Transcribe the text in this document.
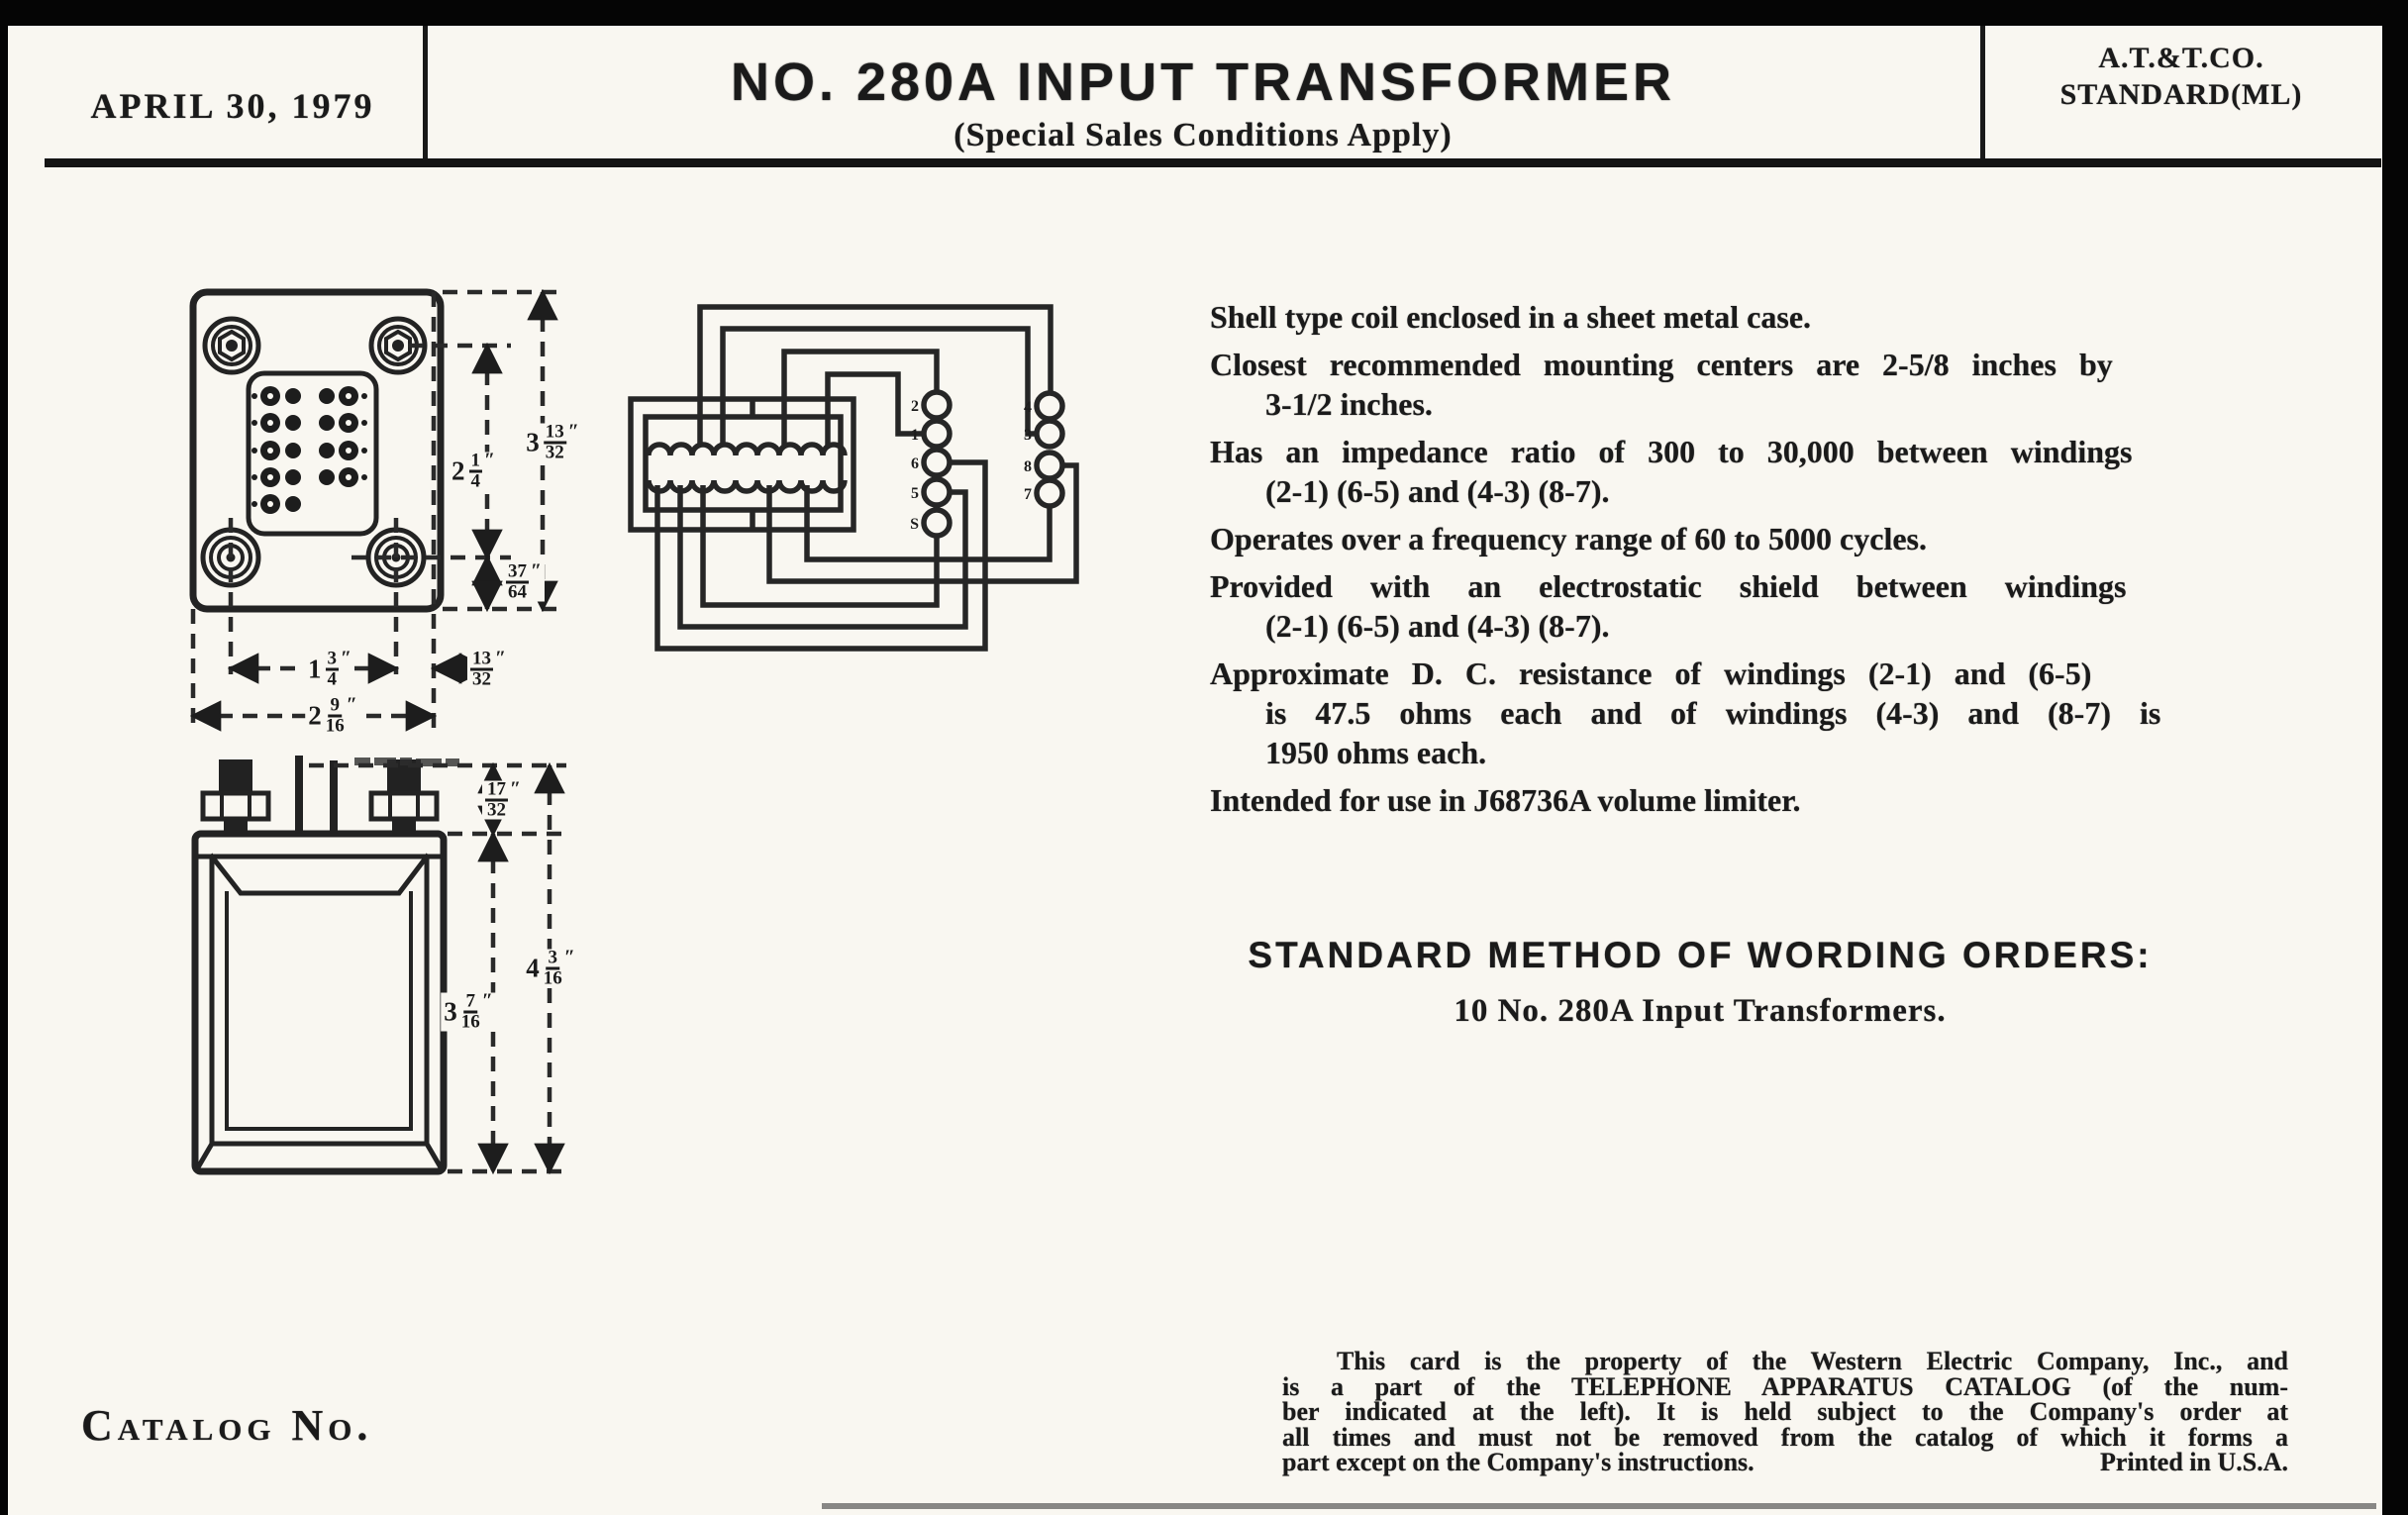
APRIL 30, 1979	NO. 280A INPUT TRANSFORMER
(Special Sales Conditions Apply)
A.T.&T.CO.
STANDARD(ML)
2
1
6
5
S
4
3
8
7
$2 \frac{1}{4}$ ″
$3 \frac{13}{32}$ ″
$\frac{37}{64}$ ″
$1 \frac{3}{4}$ ″	$\frac{13}{32}$ ″
$2 \frac{9}{16}$ ″
$\frac{17}{32}$ ″
$4 \frac{3}{16}$ ″
$3 \frac{7}{16}$ ″
Shell type coil enclosed in a sheet metal case.
Closest recommended mounting centers are 2-5/8 inches by
3-1/2 inches.
Has an impedance ratio of 300 to 30,000 between windings
(2-1) (6-5) and (4-3) (8-7).
Operates over a frequency range of 60 to 5000 cycles.
Provided with an electrostatic shield between windings
(2-1) (6-5) and (4-3) (8-7).
Approximate D. C. resistance of windings (2-1) and (6-5)
is 47.5 ohms each and of windings (4-3) and (8-7) is
1950 ohms each.
Intended for use in J68736A volume limiter.
STANDARD METHOD OF WORDING ORDERS:
10 No. 280A Input Transformers.
Catalog No.
This card is the property of the Western Electric Company, Inc., and
is a part of the TELEPHONE APPARATUS CATALOG (of the num-
ber indicated at the left). It is held subject to the Company's order at
all times and must not be removed from the catalog of which it forms a
part except on the Company's instructions.	Printed in U.S.A.
